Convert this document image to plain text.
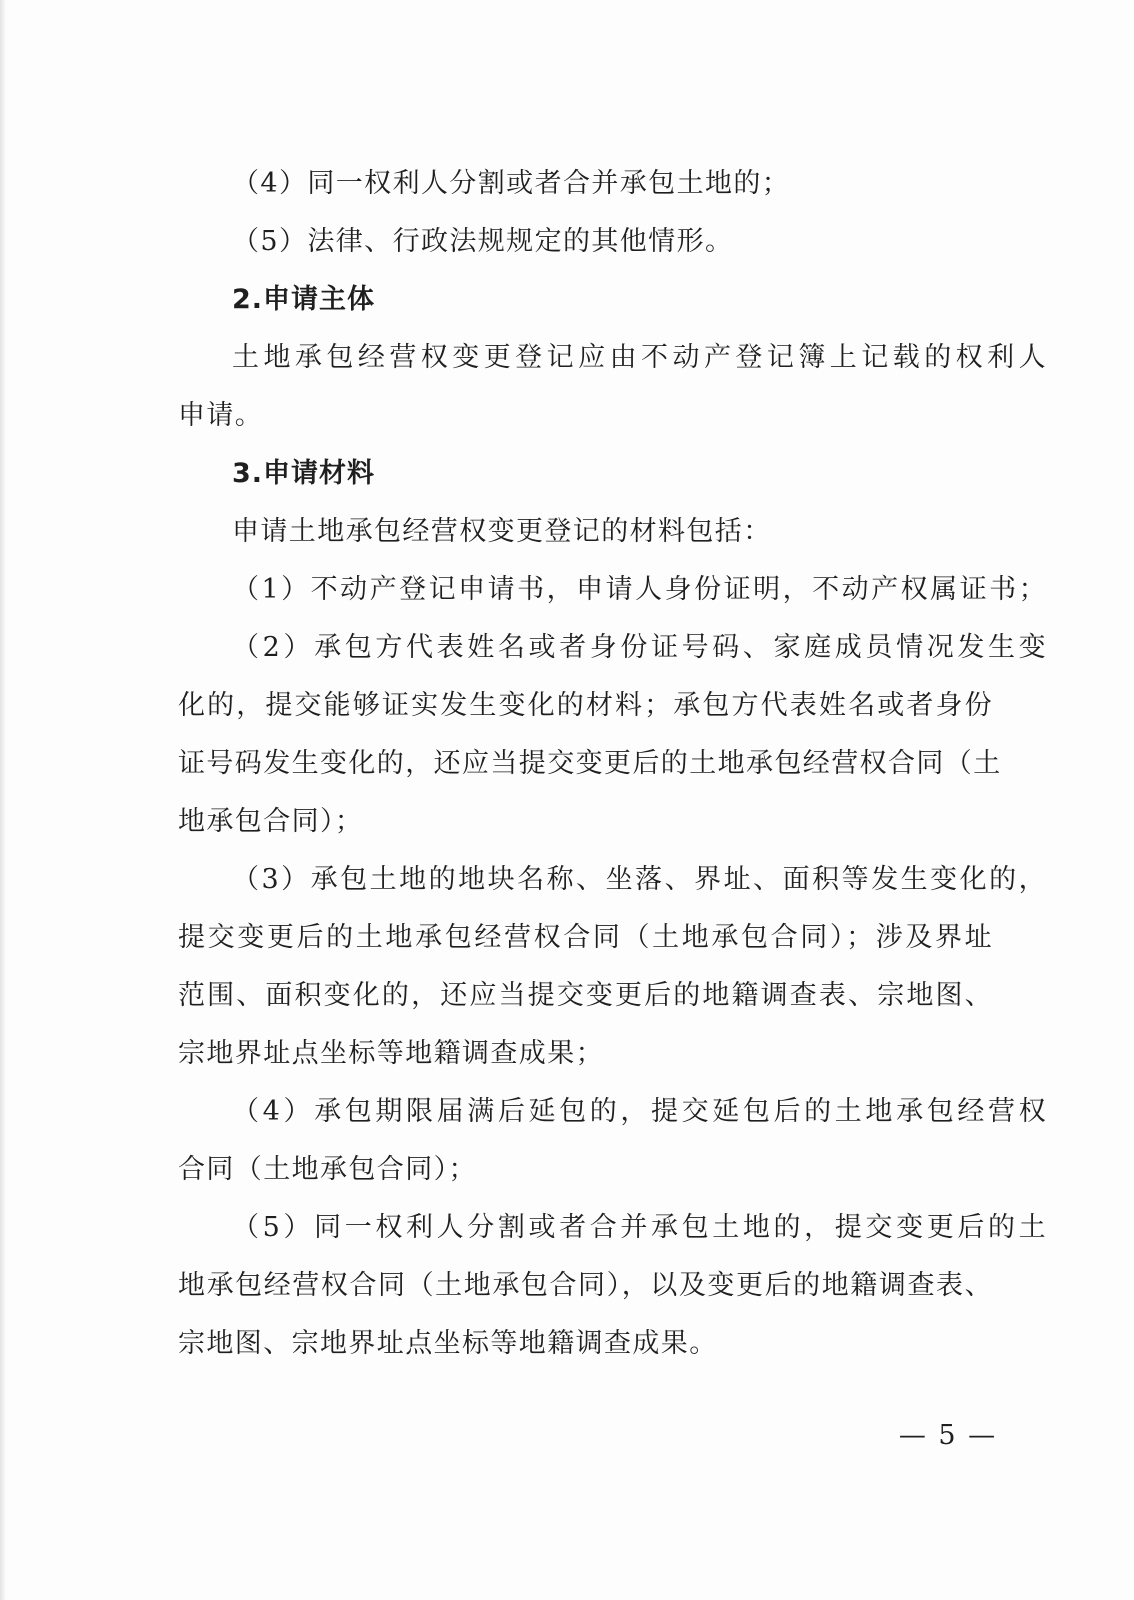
（4）同一权利人分割或者合并承包土地的；
（5）法律、行政法规规定的其他情形。
2.申请主体
土地承包经营权变更登记应由不动产登记簿上记载的权利人
申请。
3.申请材料
申请土地承包经营权变更登记的材料包括：
（1）不动产登记申请书，申请人身份证明，不动产权属证书；
（2）承包方代表姓名或者身份证号码、家庭成员情况发生变
化的，提交能够证实发生变化的材料；承包方代表姓名或者身份
证号码发生变化的，还应当提交变更后的土地承包经营权合同（土
地承包合同）；
（3）承包土地的地块名称、坐落、界址、面积等发生变化的，
提交变更后的土地承包经营权合同（土地承包合同）；涉及界址
范围、面积变化的，还应当提交变更后的地籍调查表、宗地图、
宗地界址点坐标等地籍调查成果；
（4）承包期限届满后延包的，提交延包后的土地承包经营权
合同（土地承包合同）；
（5）同一权利人分割或者合并承包土地的，提交变更后的土
地承包经营权合同（土地承包合同），以及变更后的地籍调查表、
宗地图、宗地界址点坐标等地籍调查成果。
— 5 —
